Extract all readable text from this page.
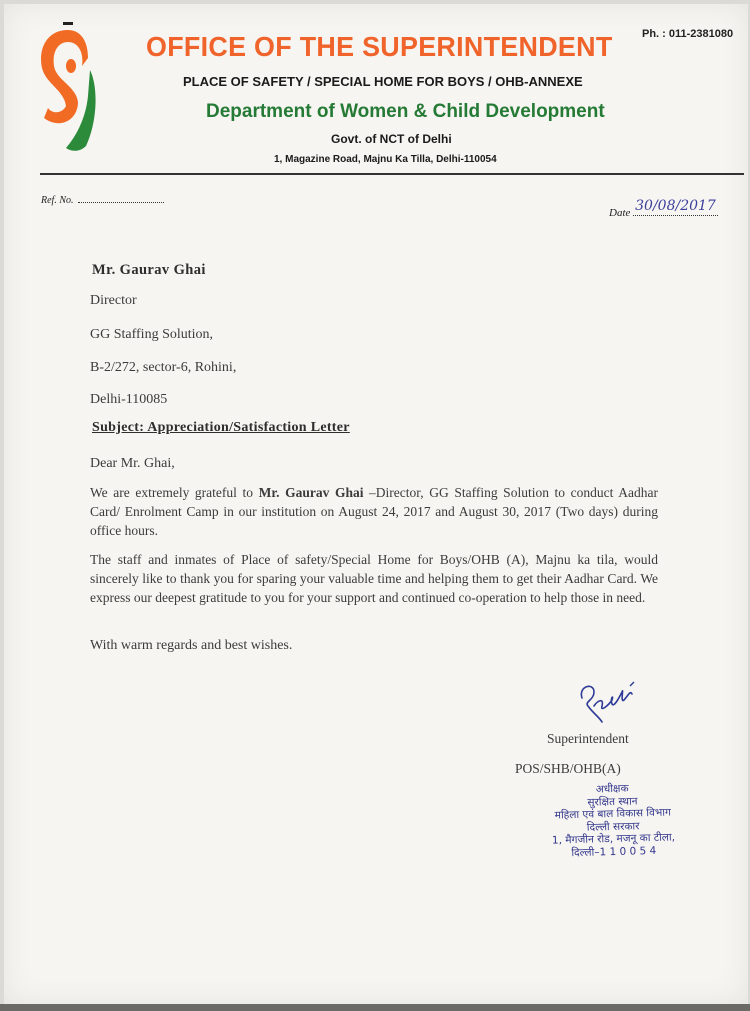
Ph. : 011-2381080
OFFICE OF THE SUPERINTENDENT
PLACE OF SAFETY / SPECIAL HOME FOR BOYS / OHB-ANNEXE
Department of Women & Child Development
Govt. of NCT of Delhi
1, Magazine Road, Majnu Ka Tilla, Delhi-110054
Ref. No.
Date 30/08/2017
Mr. Gaurav Ghai
Director
GG Staffing Solution,
B-2/272, sector-6, Rohini,
Delhi-110085
Subject: Appreciation/Satisfaction Letter
Dear Mr. Ghai,
We are extremely grateful to Mr. Gaurav Ghai –Director, GG Staffing Solution to conduct Aadhar Card/ Enrolment Camp in our institution on August 24, 2017 and August 30, 2017 (Two days) during office hours.
The staff and inmates of Place of safety/Special Home for Boys/OHB (A), Majnu ka tila, would sincerely like to thank you for sparing your valuable time and helping them to get their Aadhar Card. We express our deepest gratitude to you for your support and continued co-operation to help those in need.
With warm regards and best wishes.
Superintendent
POS/SHB/OHB(A)
अधीक्षक
सुरक्षित स्थान
महिला एवं बाल विकास विभाग
दिल्ली सरकार
1, मैगजीन रोड, मजनू का टीला,
दिल्ली–1 1 0 0 5 4
